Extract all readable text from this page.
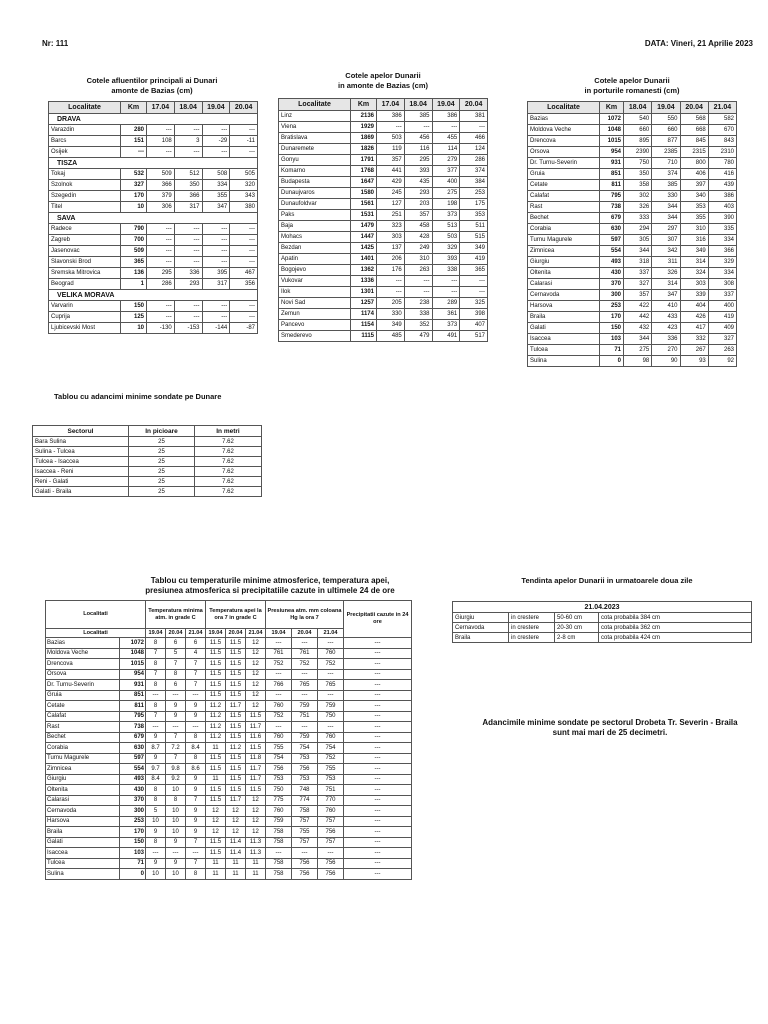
Nr: 111	DATA: Vineri, 21 Aprilie 2023
Cotele afluentilor principali ai Dunari
amonte de Bazias (cm)
Localitate	Km	17.04	18.04	19.04	20.04
DRAVA					
Varazdin	280	---	---	---	---
Barcs	151	108	3	-29	-11
Osijek	---	---	---	---	---
TISZA					
Tokaj	532	509	512	508	505
Szolnok	327	366	350	334	320
Szegedín	170	379	366	355	343
Titel	10	306	317	347	380
SAVA					
Radece	790	---	---	---	---
Zagreb	700	---	---	---	---
Jasenovac	509	---	---	---	---
Slavonski Brod	365	---	---	---	---
Sremska Mitrovica	136	295	336	395	467
Beograd	1	286	293	317	356
VELIKA MORAVA					
Varvarin	150	---	---	---	---
Cuprija	125	---	---	---	---
Ljubicevski Most	10	-130	-153	-144	-87
Cotele apelor Dunarii
in amonte de Bazias (cm)
Localitate	Km	17.04	18.04	19.04	20.04
Linz	2136	386	385	386	381
Viena	1929	---	---	---	---
Bratislava	1869	503	456	455	466
Dunaremete	1826	119	116	114	124
Gonyu	1791	357	295	279	286
Komarno	1768	441	393	377	374
Budapesta	1647	429	435	400	384
Dunaujvaros	1580	245	293	275	253
Dunaufoldvar	1561	127	203	198	175
Paks	1531	251	357	373	353
Baja	1479	323	458	513	511
Mohacs	1447	303	428	503	515
Bezdan	1425	137	249	329	349
Apatin	1401	206	310	393	419
Bogojevo	1362	176	263	338	365
Vukovar	1336	---	---	---	---
Ilok	1301	---	---	---	---
Novi Sad	1257	205	238	289	325
Zemun	1174	330	338	361	398
Pancevo	1154	349	352	373	407
Smederevo	1115	485	479	491	517
Cotele apelor Dunarii
in porturile romanesti (cm)
Localitate	Km	18.04	19.04	20.04	21.04
Bazias	1072	540	550	568	582
Moldova Veche	1048	660	660	668	670
Drencova	1015	895	877	845	843
Orsova	954	2390	2385	2315	2310
Dr. Turnu-Severin	931	750	710	800	780
Gruia	851	350	374	406	416
Cetate	811	358	385	397	439
Calafat	795	302	330	340	386
Rast	738	326	344	353	403
Bechet	679	333	344	355	390
Corabia	630	294	297	310	335
Turnu Magurele	597	305	307	316	334
Zimnicea	554	344	342	349	366
Giurgiu	493	318	311	314	329
Oltenita	430	337	326	324	334
Calarasi	370	327	314	303	308
Cernavoda	300	357	347	339	337
Harsova	253	422	410	404	400
Braila	170	442	433	426	419
Galati	150	432	423	417	409
Isaccea	103	344	336	332	327
Tulcea	71	275	270	267	263
Sulina	0	98	90	93	92
Tablou cu adancimi minime sondate pe Dunare
Sectorul	In picioare	In metri
Bara Sulina	25	7.62
Sulina - Tulcea	25	7.62
Tulcea - Isaccea	25	7.62
Isaccea - Reni	25	7.62
Reni - Galati	25	7.62
Galati - Braila	25	7.62
Tablou cu temperaturile minime atmosferice, temperatura apei,
presiunea atmosferica si precipitatiile cazute in ultimele 24 de ore
Localitati		Temperatura minima atm. in grade C			Temperatura apei la ora 7 in grade C			Presiunea atm. mm coloana Hg la ora 7			Precipitatii cazute in 24 ore
Localitati		19.04	20.04	21.04	19.04	20.04	21.04	19.04	20.04	21.04	
Bazias	1072	8	6	6	11.5	11.5	12	---	---	---	---
Moldova Veche	1048	7	5	4	11.5	11.5	12	761	761	760	---
Drencova	1015	8	7	7	11.5	11.5	12	752	752	752	---
Orsova	954	7	8	7	11.5	11.5	12	---	---	---	---
Dr. Turnu-Severin	931	8	6	7	11.5	11.5	12	766	765	765	---
Gruia	851	---	---	---	11.5	11.5	12	---	---	---	---
Cetate	811	8	9	9	11.2	11.7	12	760	759	759	---
Calafat	795	7	9	9	11.2	11.5	11.5	752	751	750	---
Rast	738	---	---	---	11.2	11.5	11.7	---	---	---	---
Bechet	679	9	7	8	11.2	11.5	11.6	760	759	760	---
Corabia	630	8.7	7.2	8.4	11	11.2	11.5	755	754	754	---
Turnu Magurele	597	9	7	8	11.5	11.5	11.8	754	753	752	---
Zimnicea	554	9.7	9.8	8.6	11.5	11.5	11.7	756	756	755	---
Giurgiu	493	8.4	9.2	9	11	11.5	11.7	753	753	753	---
Oltenita	430	8	10	9	11.5	11.5	11.5	750	748	751	---
Calarasi	370	8	8	7	11.5	11.7	12	775	774	770	---
Cernavoda	300	5	10	9	12	12	12	760	758	760	---
Harsova	253	10	10	9	12	12	12	759	757	757	---
Braila	170	9	10	9	12	12	12	758	755	756	---
Galati	150	8	9	7	11.5	11.4	11.3	758	757	757	---
Isaccea	103	---	---	---	11.5	11.4	11.3	---	---	---	---
Tulcea	71	9	9	7	11	11	11	758	756	756	---
Sulina	0	10	10	8	11	11	11	758	756	756	---
Tendinta apelor Dunarii in urmatoarele doua zile
21.04.2023			
Giurgiu	in crestere	50-60 cm	cota probabila 384 cm
Cernavoda	in crestere	20-30 cm	cota probabila 362 cm
Braila	in crestere	2-8 cm	cota probabila 424 cm
Adancimile minime sondate pe sectorul Drobeta Tr. Severin - Braila
sunt mai mari de 25 decimetri.
